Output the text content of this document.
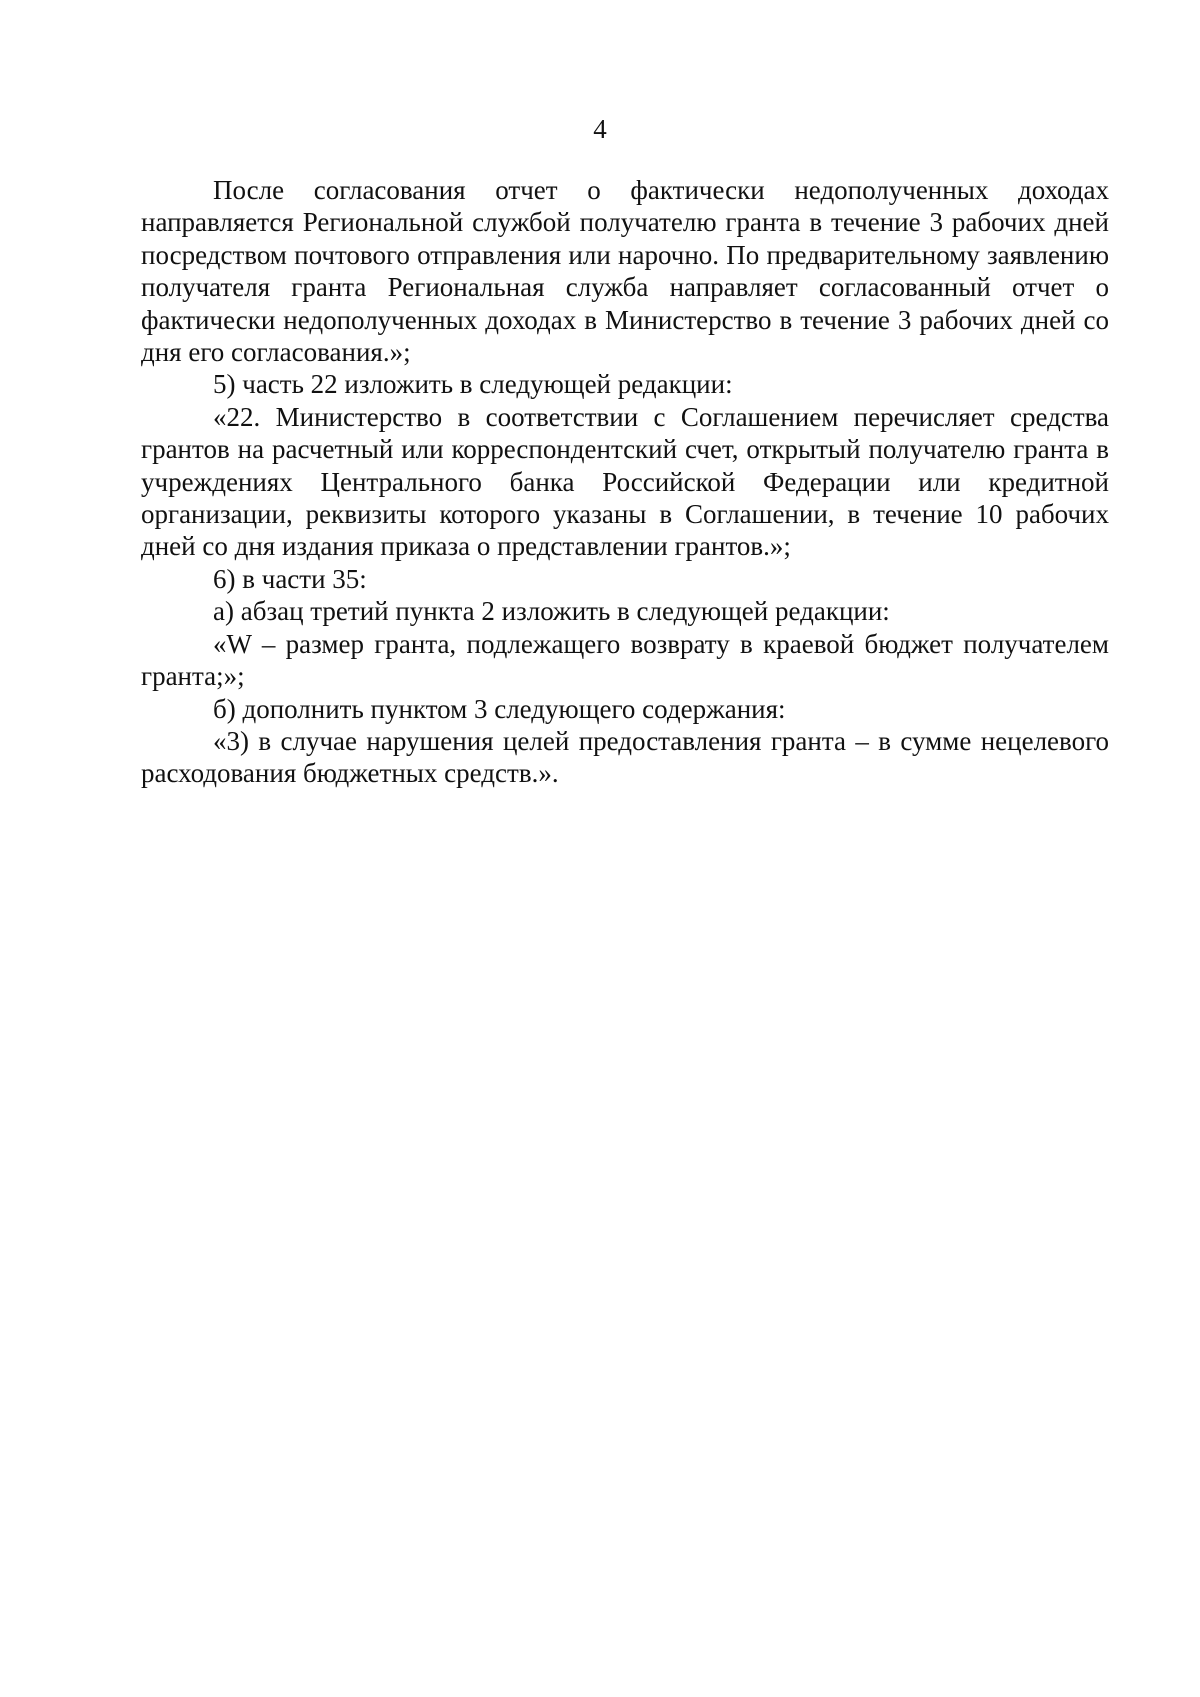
4

После согласования отчет о фактически недополученных доходах направляется Региональной службой получателю гранта в течение 3 рабочих дней посредством почтового отправления или нарочно. По предварительному заявлению получателя гранта Региональная служба направляет согласованный отчет о фактически недополученных доходах в Министерство в течение 3 рабочих дней со дня его согласования.»;

5) часть 22 изложить в следующей редакции:

«22. Министерство в соответствии с Соглашением перечисляет средства грантов на расчетный или корреспондентский счет, открытый получателю гранта в учреждениях Центрального банка Российской Федерации или кредитной организации, реквизиты которого указаны в Соглашении, в течение 10 рабочих дней со дня издания приказа о представлении грантов.»;

6) в части 35:

а) абзац третий пункта 2 изложить в следующей редакции:

«W – размер гранта, подлежащего возврату в краевой бюджет получателем гранта;»;

б) дополнить пунктом 3 следующего содержания:

«3) в случае нарушения целей предоставления гранта – в сумме нецелевого расходования бюджетных средств.».
